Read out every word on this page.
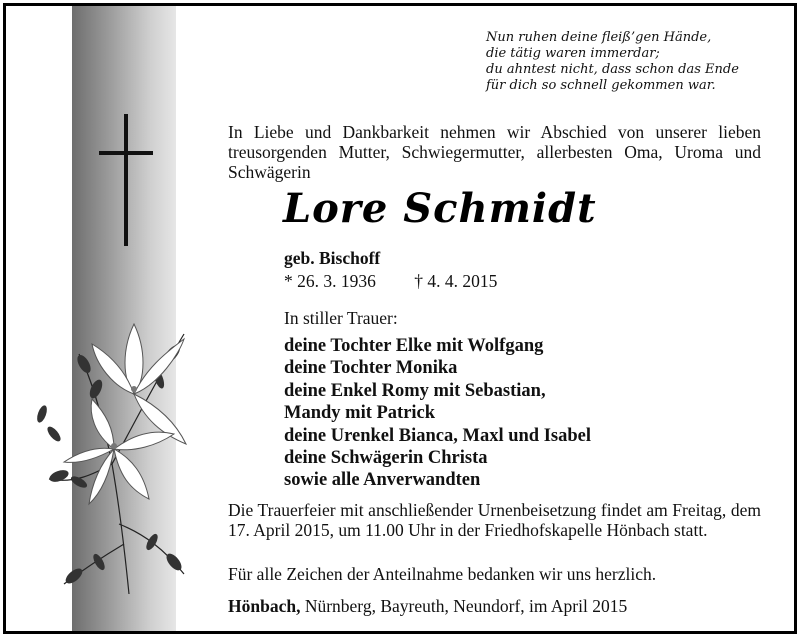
Nun ruhen deine fleiß’gen Hände,
die tätig waren immerdar;
du ahntest nicht, dass schon das Ende
für dich so schnell gekommen war.
In Liebe und Dankbarkeit nehmen wir Abschied von unserer lieben treusorgenden Mutter, Schwiegermutter, allerbesten Oma, Uroma und Schwägerin
Lore Schmidt
geb. Bischoff
* 26. 3. 1936 † 4. 4. 2015
In stiller Trauer:
deine Tochter Elke mit Wolfgang
deine Tochter Monika
deine Enkel Romy mit Sebastian,
Mandy mit Patrick
deine Urenkel Bianca, Maxl und Isabel
deine Schwägerin Christa
sowie alle Anverwandten
Die Trauerfeier mit anschließender Urnenbeisetzung findet am Freitag, dem 17. April 2015, um 11.00 Uhr in der Friedhofskapelle Hönbach statt.
Für alle Zeichen der Anteilnahme bedanken wir uns herzlich.
Hönbach, Nürnberg, Bayreuth, Neundorf, im April 2015
